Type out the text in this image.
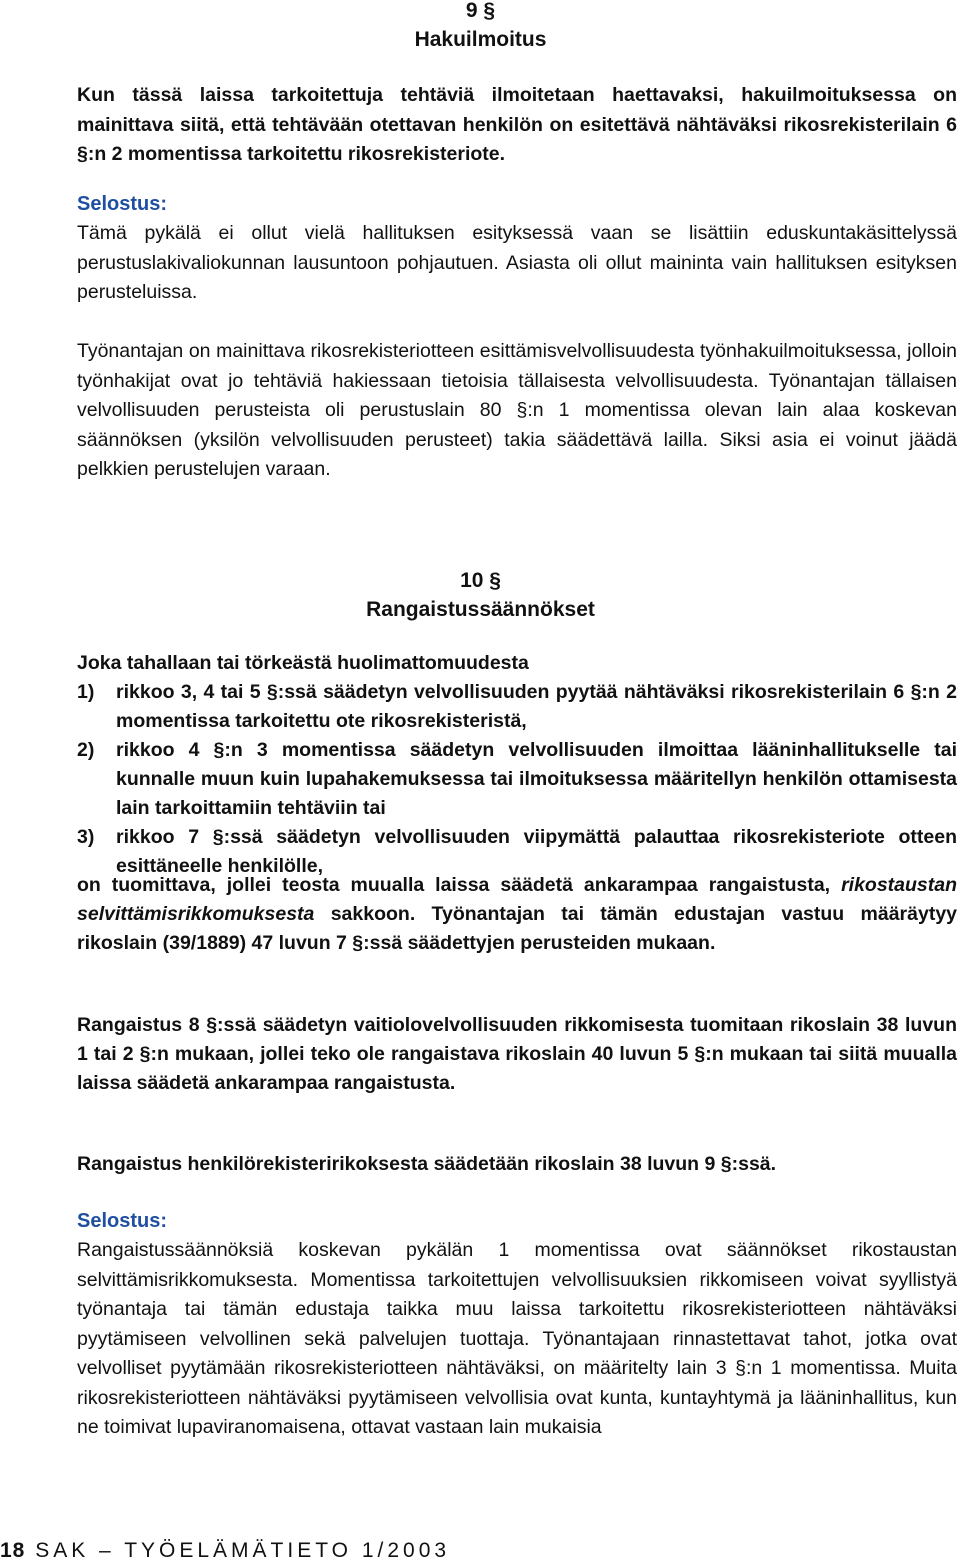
9 §
Hakuilmoitus

Kun tässä laissa tarkoitettuja tehtäviä ilmoitetaan haettavaksi, hakuilmoituksessa on mainittava siitä, että tehtävään otettavan henkilön on esitettävä nähtäväksi rikosrekisterilain 6 §:n 2 momentissa tarkoitettu rikosrekisteriote.

Selostus:

Tämä pykälä ei ollut vielä hallituksen esityksessä vaan se lisättiin eduskuntakäsittelyssä perustuslakivaliokunnan lausuntoon pohjautuen. Asiasta oli ollut maininta vain hallituksen esityksen perusteluissa.

Työnantajan on mainittava rikosrekisteriotteen esittämisvelvollisuudesta työnhakuilmoituksessa, jolloin työnhakijat ovat jo tehtäviä hakiessaan tietoisia tällaisesta velvollisuudesta. Työnantajan tällaisen velvollisuuden perusteista oli perustuslain 80 §:n 1 momentissa olevan lain alaa koskevan säännöksen (yksilön velvollisuuden perusteet) takia säädettävä lailla. Siksi asia ei voinut jäädä pelkkien perustelujen varaan.

10 §
Rangaistussäännökset

Joka tahallaan tai törkeästä huolimattomuudesta

1)	rikkoo 3, 4 tai 5 §:ssä säädetyn velvollisuuden pyytää nähtäväksi rikosrekisterilain 6 §:n 2 momentissa tarkoitettu ote rikosrekisteristä,
2)	rikkoo 4 §:n 3 momentissa säädetyn velvollisuuden ilmoittaa lääninhallitukselle tai kunnalle muun kuin lupahakemuksessa tai ilmoituksessa määritellyn henkilön ottamisesta lain tarkoittamiin tehtäviin tai
3)	rikkoo 7 §:ssä säädetyn velvollisuuden viipymättä palauttaa rikosrekisteriote otteen esittäneelle henkilölle,

on tuomittava, jollei teosta muualla laissa säädetä ankarampaa rangaistusta, rikostaustan selvittämisrikkomuksesta sakkoon. Työnantajan tai tämän edustajan vastuu määräytyy rikoslain (39/1889) 47 luvun 7 §:ssä säädettyjen perusteiden mukaan.

Rangaistus 8 §:ssä säädetyn vaitiolovelvollisuuden rikkomisesta tuomitaan rikoslain 38 luvun 1 tai 2 §:n mukaan, jollei teko ole rangaistava rikoslain 40 luvun 5 §:n mukaan tai siitä muualla laissa säädetä ankarampaa rangaistusta.

Rangaistus henkilörekisteririkoksesta säädetään rikoslain 38 luvun 9 §:ssä.

Selostus:

Rangaistussäännöksiä koskevan pykälän 1 momentissa ovat säännökset rikostaustan selvittämisrikkomuksesta. Momentissa tarkoitettujen velvollisuuksien rikkomiseen voivat syyllistyä työnantaja tai tämän edustaja taikka muu laissa tarkoitettu rikosrekisteriotteen nähtäväksi pyytämiseen velvollinen sekä palvelujen tuottaja. Työnantajaan rinnastettavat tahot, jotka ovat velvolliset pyytämään rikosrekisteriotteen nähtäväksi, on määritelty lain 3 §:n 1 momentissa. Muita rikosrekisteriotteen nähtäväksi pyytämiseen velvollisia ovat kunta, kuntayhtymä ja lääninhallitus, kun ne toimivat lupaviranomaisena, ottavat vastaan lain mukaisia

18 SAK – TYÖELÄMÄTIETO 1/2003
